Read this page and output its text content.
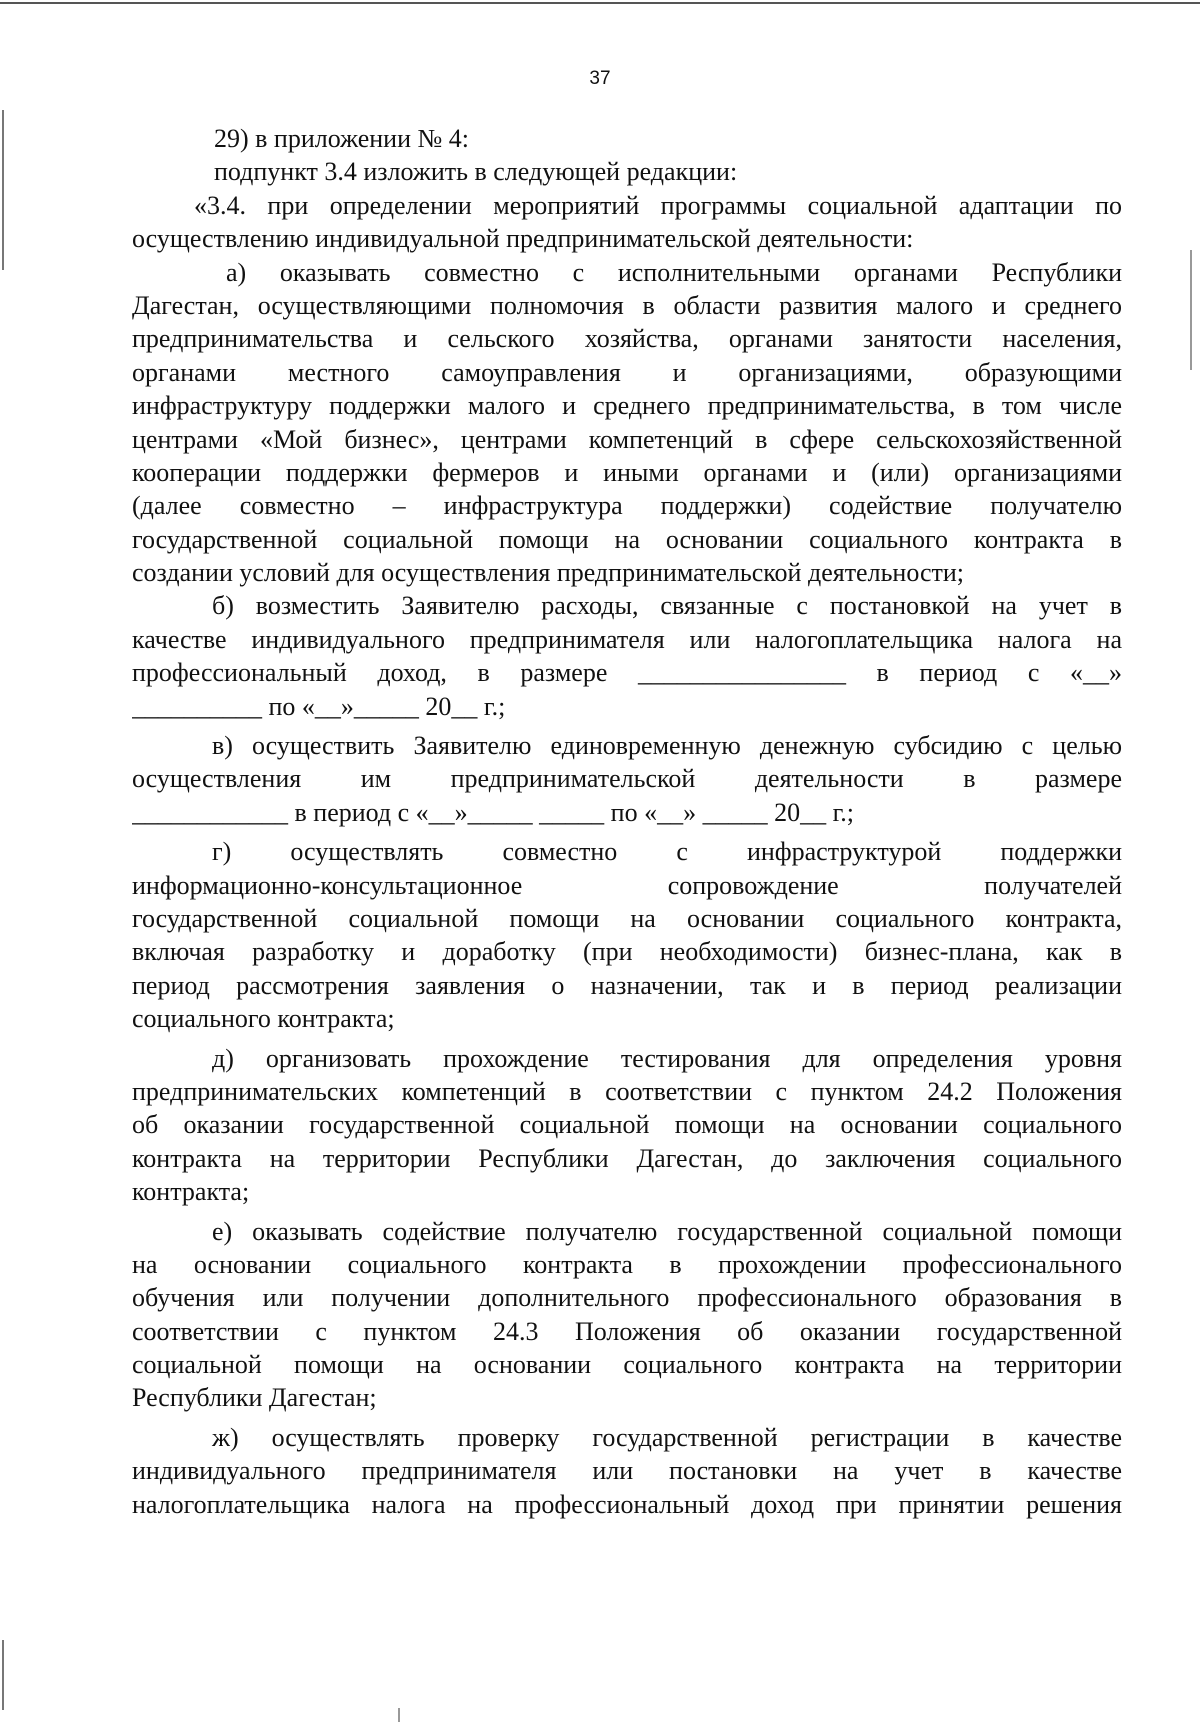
37
29) в приложении № 4:
подпункт 3.4 изложить в следующей редакции:
«3.4. при определении мероприятий программы социальной адаптации по
осуществлению индивидуальной предпринимательской деятельности:
а) оказывать совместно с исполнительными органами Республики
Дагестан, осуществляющими полномочия в области развития малого и среднего
предпринимательства и сельского хозяйства, органами занятости населения,
органами местного самоуправления и организациями, образующими
инфраструктуру поддержки малого и среднего предпринимательства, в том числе
центрами «Мой бизнес», центрами компетенций в сфере сельскохозяйственной
кооперации поддержки фермеров и иными органами и (или) организациями
(далее совместно – инфраструктура поддержки) содействие получателю
государственной социальной помощи на основании социального контракта в
создании условий для осуществления предпринимательской деятельности;
б) возместить Заявителю расходы, связанные с постановкой на учет в
качестве индивидуального предпринимателя или налогоплательщика налога на
профессиональный доход, в размере ________________ в период с «__»
__________ по «__»_____ 20__ г.;
в) осуществить Заявителю единовременную денежную субсидию с целью
осуществления им предпринимательской деятельности в размере
____________ в период с «__»_____ _____ по «__» _____ 20__ г.;
г) осуществлять совместно с инфраструктурой поддержки
информационно-консультационное сопровождение получателей
государственной социальной помощи на основании социального контракта,
включая разработку и доработку (при необходимости) бизнес-плана, как в
период рассмотрения заявления о назначении, так и в период реализации
социального контракта;
д) организовать прохождение тестирования для определения уровня
предпринимательских компетенций в соответствии с пунктом 24.2 Положения
об оказании государственной социальной помощи на основании социального
контракта на территории Республики Дагестан, до заключения социального
контракта;
е) оказывать содействие получателю государственной социальной помощи
на основании социального контракта в прохождении профессионального
обучения или получении дополнительного профессионального образования в
соответствии с пунктом 24.3 Положения об оказании государственной
социальной помощи на основании социального контракта на территории
Республики Дагестан;
ж) осуществлять проверку государственной регистрации в качестве
индивидуального предпринимателя или постановки на учет в качестве
налогоплательщика налога на профессиональный доход при принятии решения
